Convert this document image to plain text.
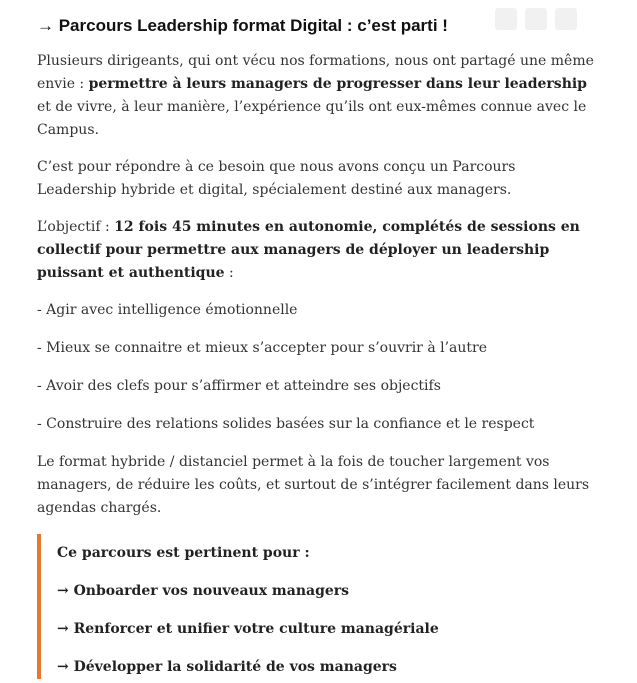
→ Parcours Leadership format Digital : c’est parti !

Plusieurs dirigeants, qui ont vécu nos formations, nous ont partagé une même envie : permettre à leurs managers de progresser dans leur leadership et de vivre, à leur manière, l’expérience qu’ils ont eux-mêmes connue avec le Campus.

C’est pour répondre à ce besoin que nous avons conçu un Parcours Leadership hybride et digital, spécialement destiné aux managers.

L’objectif : 12 fois 45 minutes en autonomie, complétés de sessions en collectif pour permettre aux managers de déployer un leadership puissant et authentique :

- Agir avec intelligence émotionnelle

- Mieux se connaitre et mieux s’accepter pour s’ouvrir à l’autre

- Avoir des clefs pour s’affirmer et atteindre ses objectifs

- Construire des relations solides basées sur la confiance et le respect

Le format hybride / distanciel permet à la fois de toucher largement vos managers, de réduire les coûts, et surtout de s’intégrer facilement dans leurs agendas chargés.

Ce parcours est pertinent pour :

→ Onboarder vos nouveaux managers

→ Renforcer et unifier votre culture managériale

→ Développer la solidarité de vos managers
